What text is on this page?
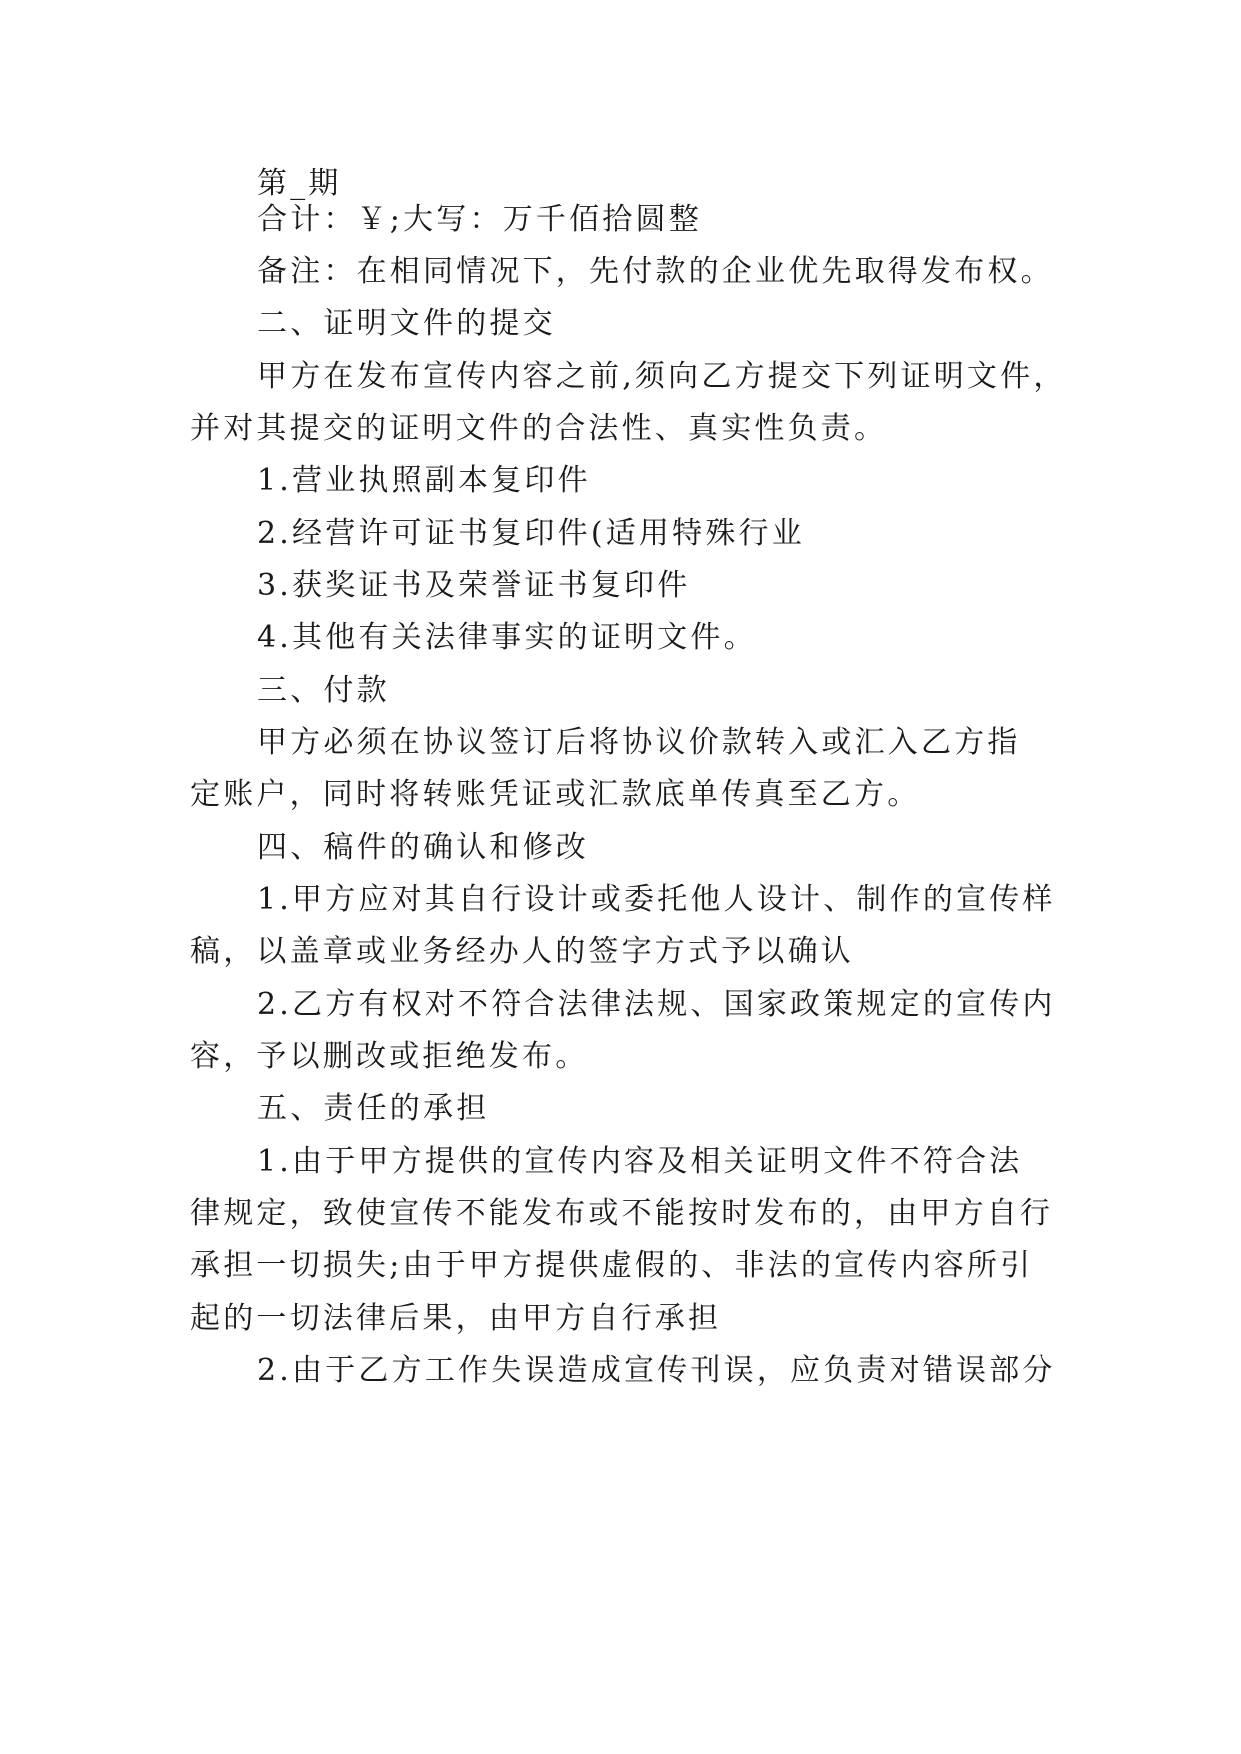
第_期
合计：￥;大写：万千佰拾圆整
备注：在相同情况下，先付款的企业优先取得发布权。
二、证明文件的提交
甲方在发布宣传内容之前,须向乙方提交下列证明文件，
并对其提交的证明文件的合法性、真实性负责。
1.营业执照副本复印件
2.经营许可证书复印件(适用特殊行业
3.获奖证书及荣誉证书复印件
4.其他有关法律事实的证明文件。
三、付款
甲方必须在协议签订后将协议价款转入或汇入乙方指
定账户，同时将转账凭证或汇款底单传真至乙方。
四、稿件的确认和修改
1.甲方应对其自行设计或委托他人设计、制作的宣传样
稿，以盖章或业务经办人的签字方式予以确认
2.乙方有权对不符合法律法规、国家政策规定的宣传内
容，予以删改或拒绝发布。
五、责任的承担
1.由于甲方提供的宣传内容及相关证明文件不符合法
律规定，致使宣传不能发布或不能按时发布的，由甲方自行
承担一切损失;由于甲方提供虚假的、非法的宣传内容所引
起的一切法律后果，由甲方自行承担
2.由于乙方工作失误造成宣传刊误，应负责对错误部分
